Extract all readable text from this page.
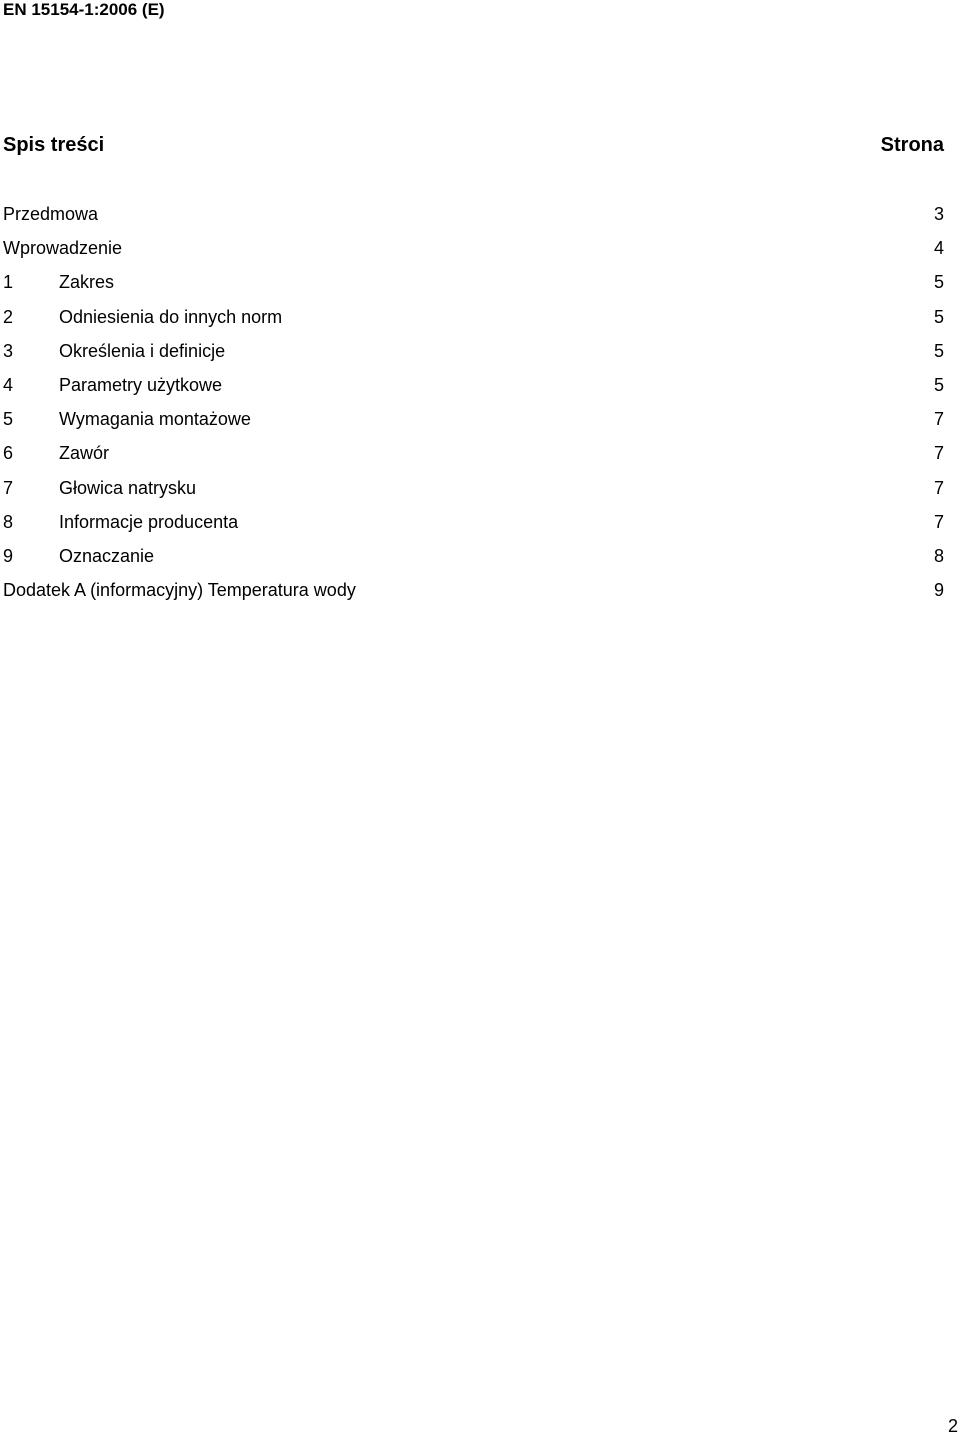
EN 15154-1:2006 (E)
Spis treści	Strona
Przedmowa	3
Wprowadzenie	4
1	Zakres	5
2	Odniesienia do innych norm	5
3	Określenia i definicje	5
4	Parametry użytkowe	5
5	Wymagania montażowe	7
6	Zawór	7
7	Głowica natrysku	7
8	Informacje producenta	7
9	Oznaczanie	8
Dodatek A (informacyjny) Temperatura wody	9
2
